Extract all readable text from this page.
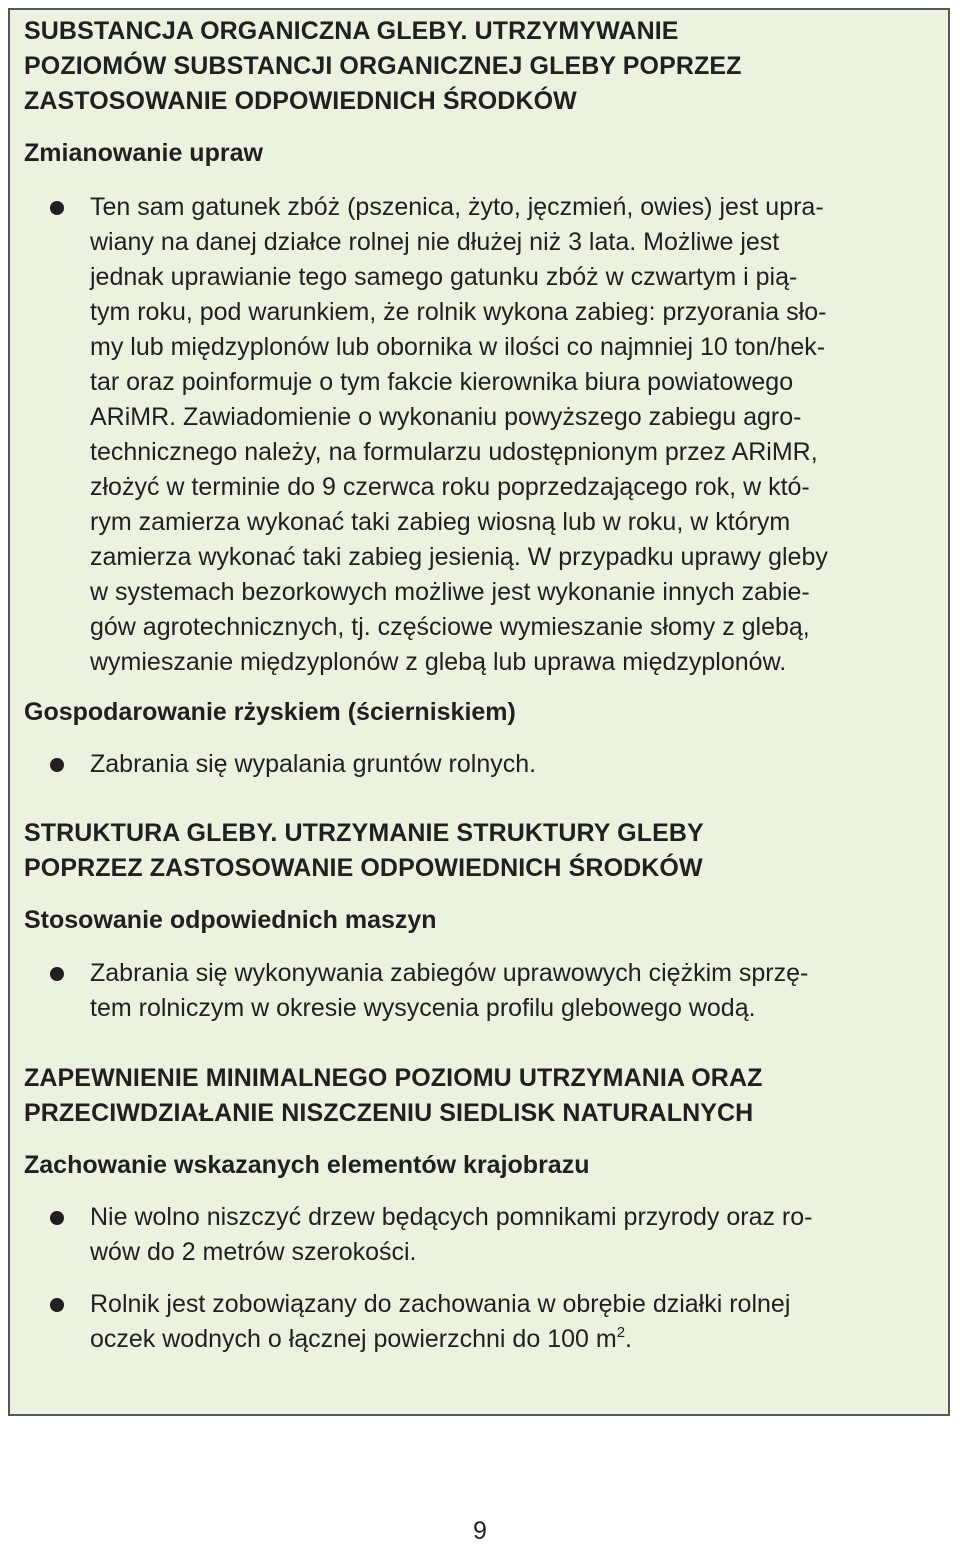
SUBSTANCJA ORGANICZNA GLEBY. UTRZYMYWANIE
POZIOMÓW SUBSTANCJI ORGANICZNEJ GLEBY POPRZEZ
ZASTOSOWANIE ODPOWIEDNICH ŚRODKÓW
Zmianowanie upraw
Ten sam gatunek zbóż (pszenica, żyto, jęczmień, owies) jest upra-
wiany na danej działce rolnej nie dłużej niż 3 lata. Możliwe jest
jednak uprawianie tego samego gatunku zbóż w czwartym i pią-
tym roku, pod warunkiem, że rolnik wykona zabieg: przyorania sło-
my lub międzyplonów lub obornika w ilości co najmniej 10 ton/hek-
tar oraz poinformuje o tym fakcie kierownika biura powiatowego
ARiMR. Zawiadomienie o wykonaniu powyższego zabiegu agro-
technicznego należy, na formularzu udostępnionym przez ARiMR,
złożyć w terminie do 9 czerwca roku poprzedzającego rok, w któ-
rym zamierza wykonać taki zabieg wiosną lub w roku, w którym
zamierza wykonać taki zabieg jesienią. W przypadku uprawy gleby
w systemach bezorkowych możliwe jest wykonanie innych zabie-
gów agrotechnicznych, tj. częściowe wymieszanie słomy z glebą,
wymieszanie międzyplonów z glebą lub uprawa międzyplonów.
Gospodarowanie rżyskiem (ścierniskiem)
Zabrania się wypalania gruntów rolnych.
STRUKTURA GLEBY. UTRZYMANIE STRUKTURY GLEBY
POPRZEZ ZASTOSOWANIE ODPOWIEDNICH ŚRODKÓW
Stosowanie odpowiednich maszyn
Zabrania się wykonywania zabiegów uprawowych ciężkim sprzę-
tem rolniczym w okresie wysycenia profilu glebowego wodą.
ZAPEWNIENIE MINIMALNEGO POZIOMU UTRZYMANIA ORAZ
PRZECIWDZIAŁANIE NISZCZENIU SIEDLISK NATURALNYCH
Zachowanie wskazanych elementów krajobrazu
Nie wolno niszczyć drzew będących pomnikami przyrody oraz ro-
wów do 2 metrów szerokości.
Rolnik jest zobowiązany do zachowania w obrębie działki rolnej
oczek wodnych o łącznej powierzchni do 100 $m^2$.
9
